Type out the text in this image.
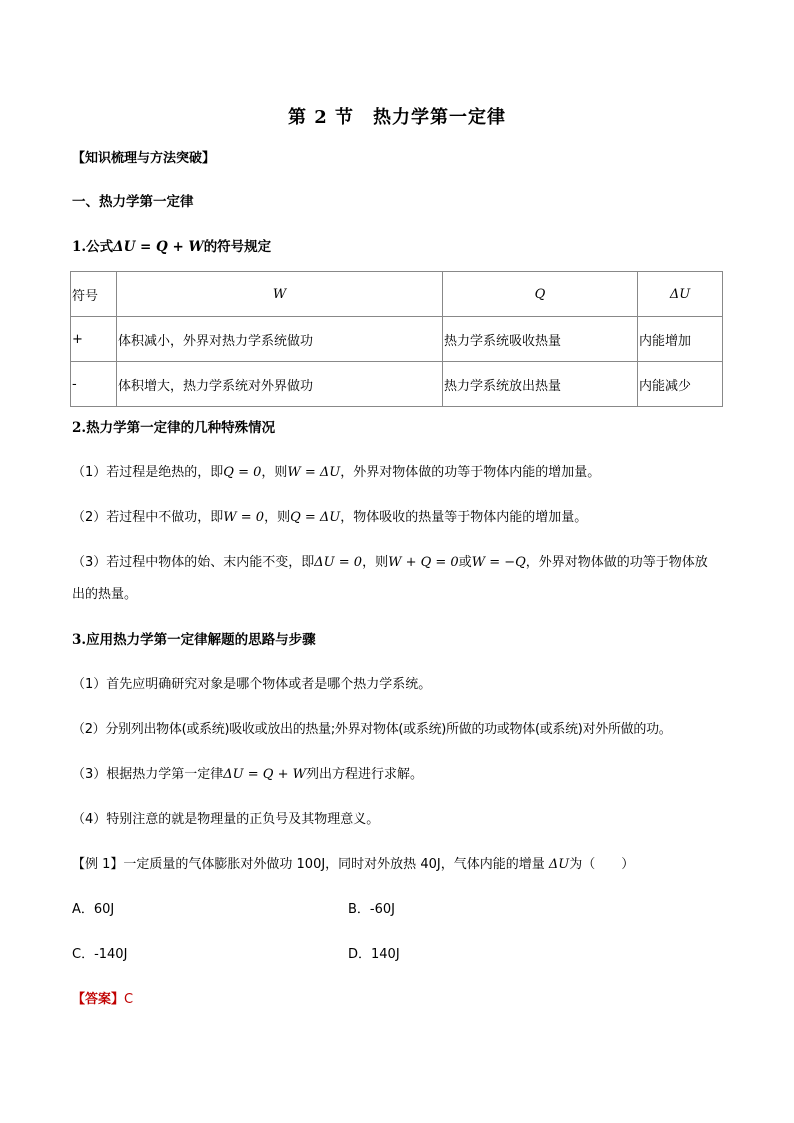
第 2 节　热力学第一定律
【知识梳理与方法突破】
一、热力学第一定律
1.公式ΔU = Q + W的符号规定
符号	W	Q	ΔU
+	体积减小，外界对热力学系统做功	热力学系统吸收热量	内能增加
-	体积增大，热力学系统对外界做功	热力学系统放出热量	内能减少
2.热力学第一定律的几种特殊情况
（1）若过程是绝热的，即Q = 0，则W = ΔU，外界对物体做的功等于物体内能的增加量。
（2）若过程中不做功，即W = 0，则Q = ΔU，物体吸收的热量等于物体内能的增加量。
（3）若过程中物体的始、末内能不变，即ΔU = 0，则W + Q = 0或W = −Q，外界对物体做的功等于物体放
出的热量。
3.应用热力学第一定律解题的思路与步骤
（1）首先应明确研究对象是哪个物体或者是哪个热力学系统。
（2）分别列出物体(或系统)吸收或放出的热量;外界对物体(或系统)所做的功或物体(或系统)对外所做的功。
（3）根据热力学第一定律ΔU = Q + W列出方程进行求解。
（4）特别注意的就是物理量的正负号及其物理意义。
【例 1】一定质量的气体膨胀对外做功 100J，同时对外放热 40J，气体内能的增量 ΔU为（　　）
A．60J	B．-60J
C．-140J	D．140J
【答案】C
